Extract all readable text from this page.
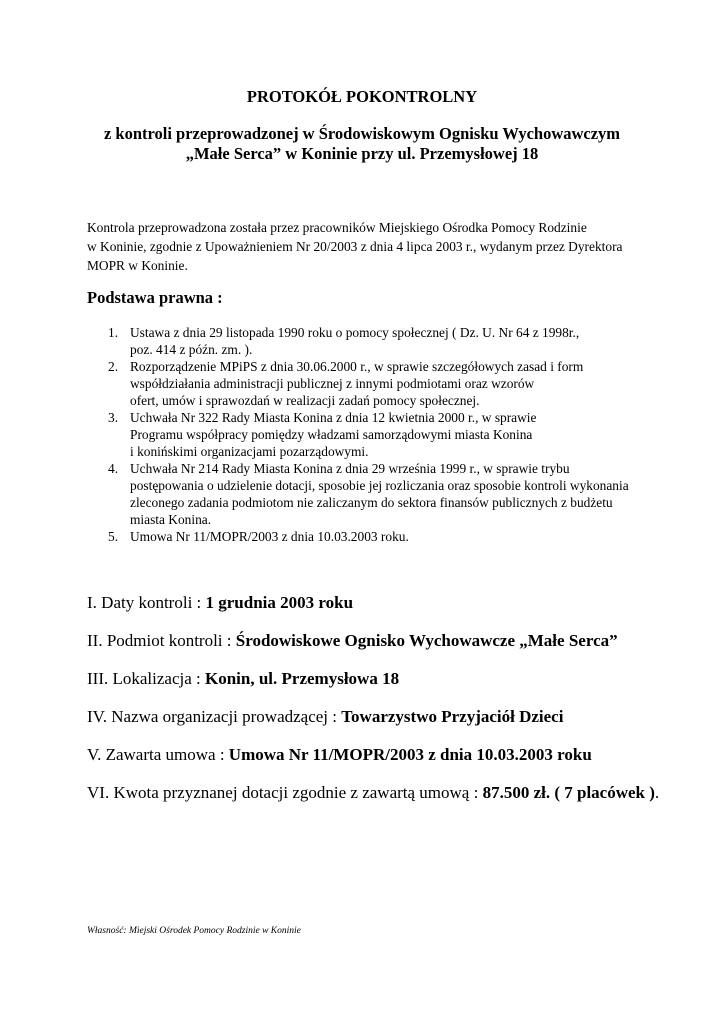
PROTOKÓŁ POKONTROLNY
z kontroli przeprowadzonej w Środowiskowym Ognisku Wychowawczym
„Małe Serca” w Koninie przy ul. Przemysłowej 18
Kontrola przeprowadzona została przez pracowników Miejskiego Ośrodka Pomocy Rodzinie
w Koninie, zgodnie z Upoważnieniem Nr 20/2003 z dnia 4 lipca 2003 r., wydanym przez Dyrektora
MOPR w Koninie.
Podstawa prawna :
1. Ustawa z dnia 29 listopada 1990 roku o pomocy społecznej ( Dz. U. Nr 64 z 1998r.,
poz. 414 z późn. zm. ).
2. Rozporządzenie MPiPS z dnia 30.06.2000 r., w sprawie szczegółowych zasad i form
współdziałania administracji publicznej z innymi podmiotami oraz wzorów
ofert, umów i sprawozdań w realizacji zadań pomocy społecznej.
3. Uchwała Nr 322 Rady Miasta Konina z dnia 12 kwietnia 2000 r., w sprawie
Programu współpracy pomiędzy władzami samorządowymi miasta Konina
i konińskimi organizacjami pozarządowymi.
4. Uchwała Nr 214 Rady Miasta Konina z dnia 29 września 1999 r., w sprawie trybu
postępowania o udzielenie dotacji, sposobie jej rozliczania oraz sposobie kontroli wykonania
zleconego zadania podmiotom nie zaliczanym do sektora finansów publicznych z budżetu
miasta Konina.
5. Umowa Nr 11/MOPR/2003 z dnia 10.03.2003 roku.
I. Daty kontroli : 1 grudnia 2003 roku
II. Podmiot kontroli : Środowiskowe Ognisko Wychowawcze „Małe Serca”
III. Lokalizacja : Konin, ul. Przemysłowa 18
IV. Nazwa organizacji prowadzącej : Towarzystwo Przyjaciół Dzieci
V. Zawarta umowa : Umowa Nr 11/MOPR/2003 z dnia 10.03.2003 roku
VI. Kwota przyznanej dotacji zgodnie z zawartą umową : 87.500 zł. ( 7 placówek ).
Własność: Miejski Ośrodek Pomocy Rodzinie w Koninie
